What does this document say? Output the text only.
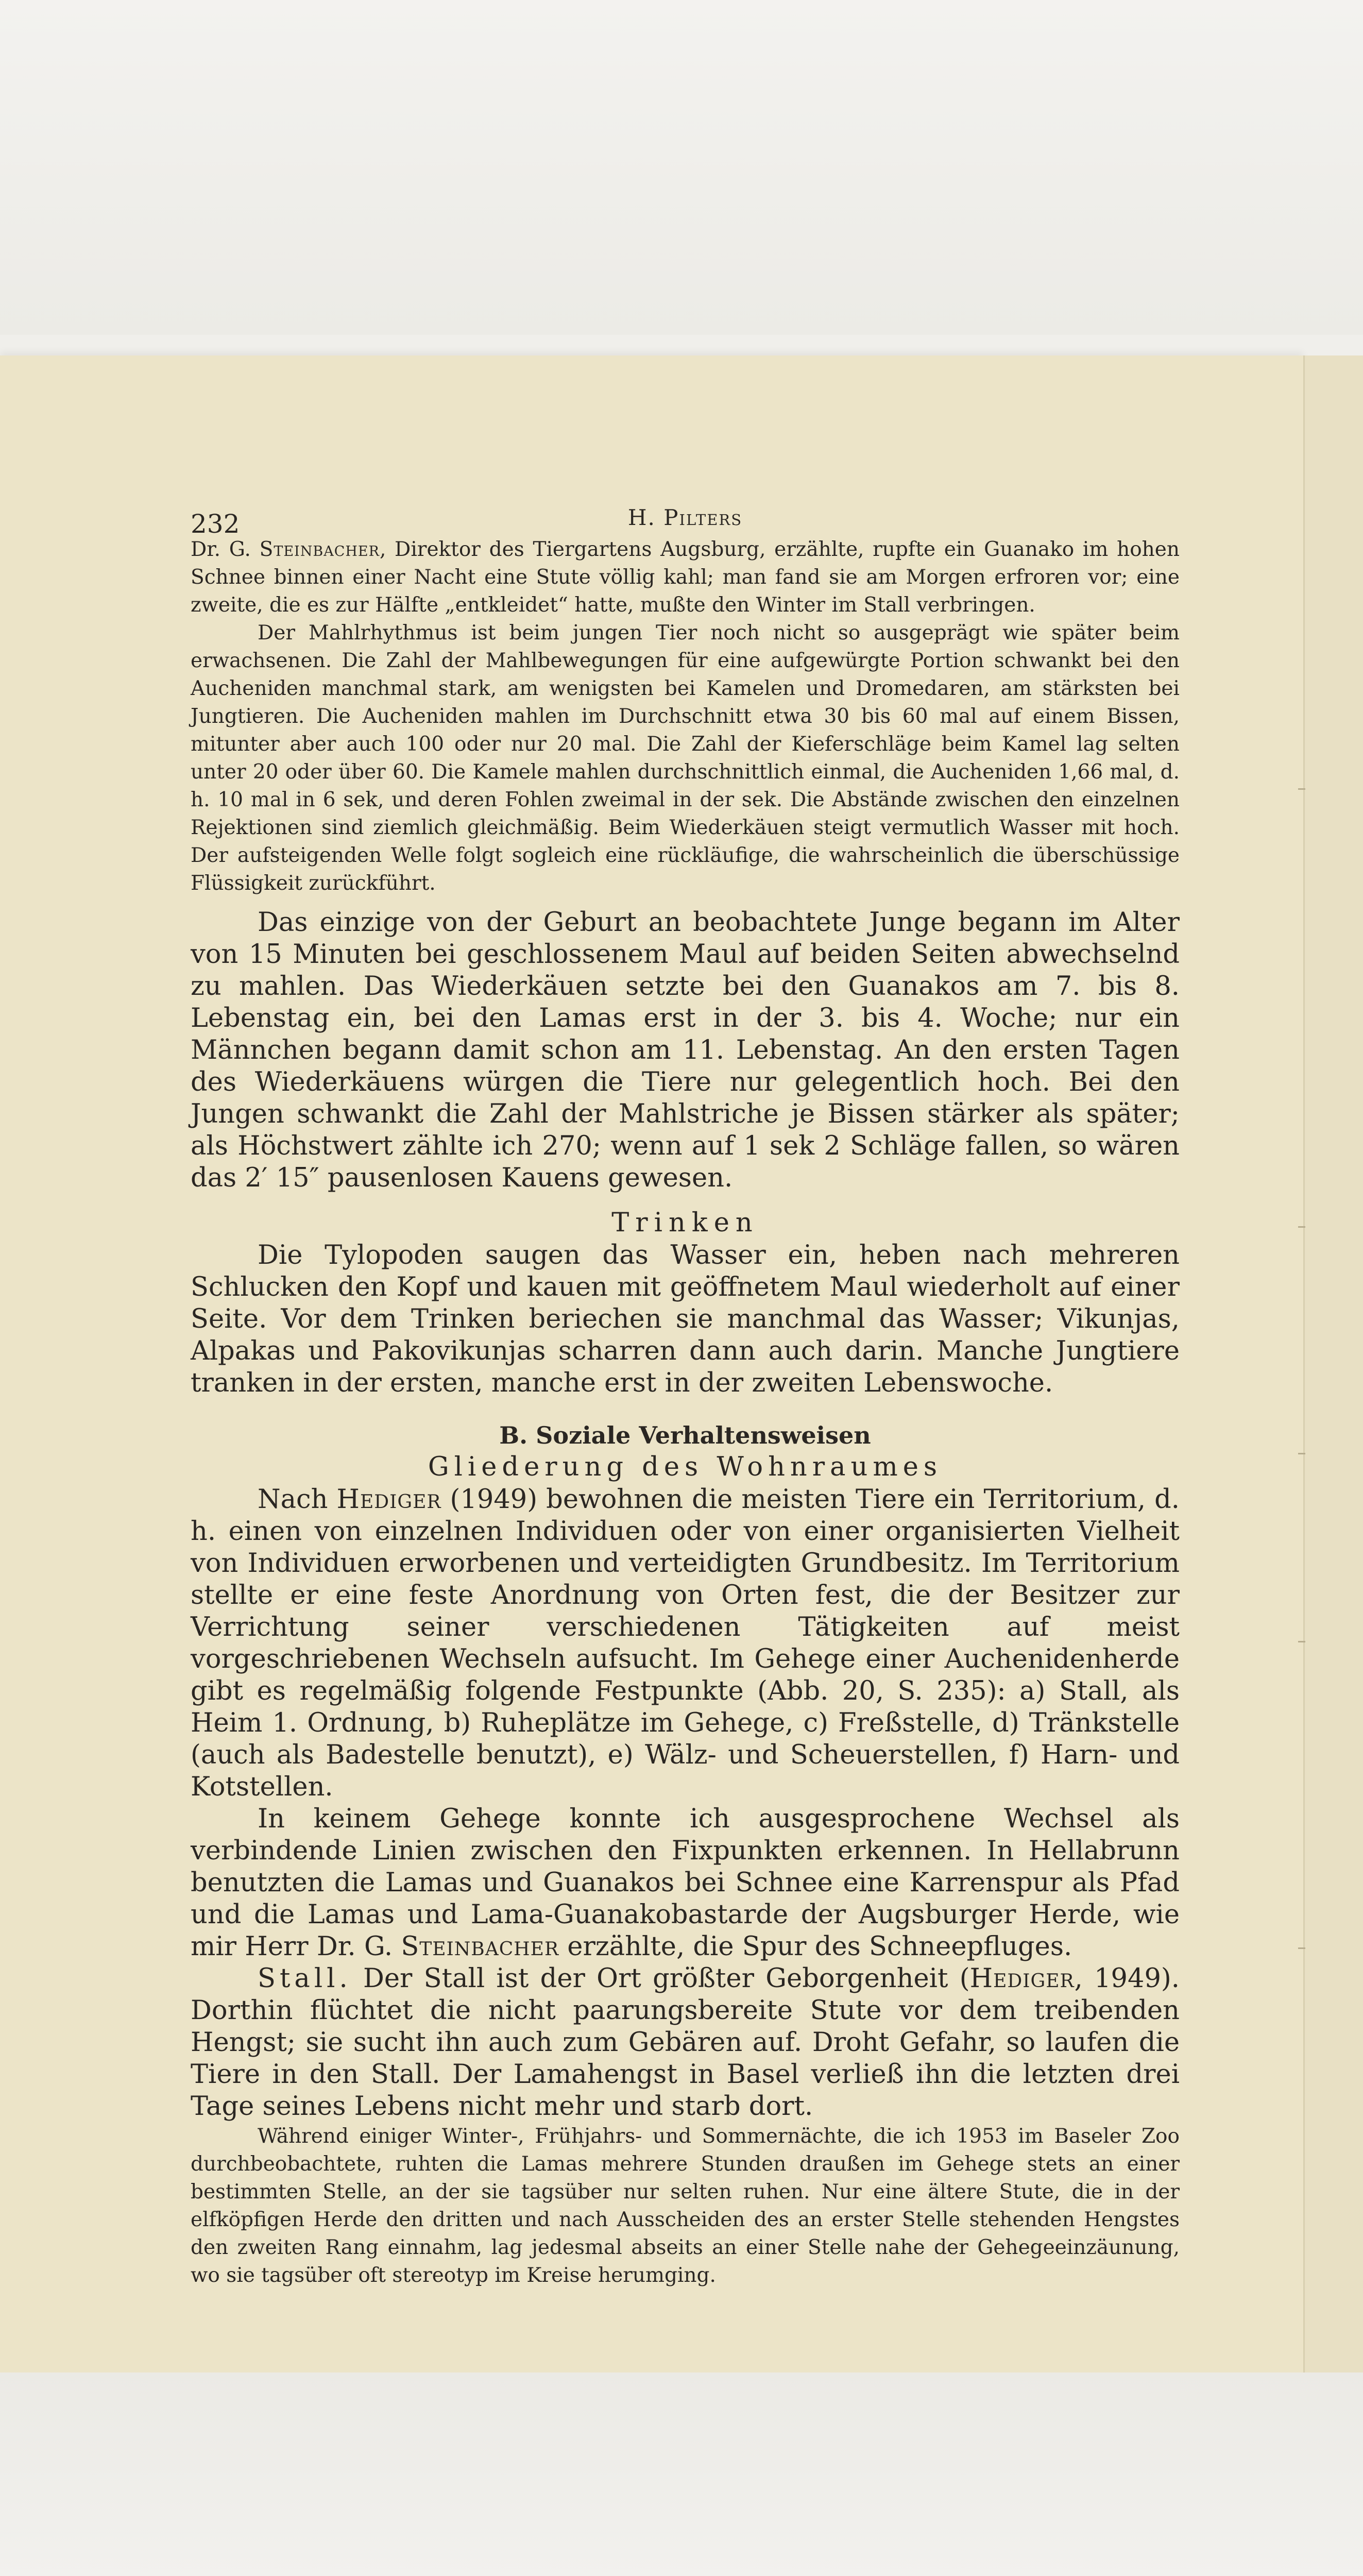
232	H. Pilters

Dr. G. Steinbacher, Direktor des Tiergartens Augsburg, erzählte, rupfte ein Guanako im hohen Schnee binnen einer Nacht eine Stute völlig kahl; man fand sie am Morgen erfroren vor; eine zweite, die es zur Hälfte „entkleidet“ hatte, mußte den Winter im Stall verbringen.

Der Mahlrhythmus ist beim jungen Tier noch nicht so ausgeprägt wie später beim erwachsenen. Die Zahl der Mahlbewegungen für eine aufgewürgte Portion schwankt bei den Aucheniden manchmal stark, am wenigsten bei Kamelen und Dromedaren, am stärksten bei Jungtieren. Die Aucheniden mahlen im Durchschnitt etwa 30 bis 60 mal auf einem Bissen, mitunter aber auch 100 oder nur 20 mal. Die Zahl der Kieferschläge beim Kamel lag selten unter 20 oder über 60. Die Kamele mahlen durchschnittlich einmal, die Aucheniden 1,66 mal, d. h. 10 mal in 6 sek, und deren Fohlen zweimal in der sek. Die Abstände zwischen den einzelnen Rejektionen sind ziemlich gleichmäßig. Beim Wiederkäuen steigt vermutlich Wasser mit hoch. Der aufsteigenden Welle folgt sogleich eine rückläufige, die wahrscheinlich die überschüssige Flüssigkeit zurückführt.

Das einzige von der Geburt an beobachtete Junge begann im Alter von 15 Minuten bei geschlossenem Maul auf beiden Seiten abwechselnd zu mahlen. Das Wiederkäuen setzte bei den Guanakos am 7. bis 8. Lebenstag ein, bei den Lamas erst in der 3. bis 4. Woche; nur ein Männchen begann damit schon am 11. Lebenstag. An den ersten Tagen des Wiederkäuens würgen die Tiere nur gelegentlich hoch. Bei den Jungen schwankt die Zahl der Mahlstriche je Bissen stärker als später; als Höchstwert zählte ich 270; wenn auf 1 sek 2 Schläge fallen, so wären das 2′ 15″ pausenlosen Kauens gewesen.

Trinken

Die Tylopoden saugen das Wasser ein, heben nach mehreren Schlucken den Kopf und kauen mit geöffnetem Maul wiederholt auf einer Seite. Vor dem Trinken beriechen sie manchmal das Wasser; Vikunjas, Alpakas und Pakovikunjas scharren dann auch darin. Manche Jungtiere tranken in der ersten, manche erst in der zweiten Lebenswoche.

B. Soziale Verhaltensweisen
Gliederung des Wohnraumes

Nach Hediger (1949) bewohnen die meisten Tiere ein Territorium, d. h. einen von einzelnen Individuen oder von einer organisierten Vielheit von Individuen erworbenen und verteidigten Grundbesitz. Im Territorium stellte er eine feste Anordnung von Orten fest, die der Besitzer zur Verrichtung seiner verschiedenen Tätigkeiten auf meist vorgeschriebenen Wechseln aufsucht. Im Gehege einer Auchenidenherde gibt es regelmäßig folgende Festpunkte (Abb. 20, S. 235): a) Stall, als Heim 1. Ordnung, b) Ruheplätze im Gehege, c) Freßstelle, d) Tränkstelle (auch als Badestelle benutzt), e) Wälz- und Scheuerstellen, f) Harn- und Kotstellen.

In keinem Gehege konnte ich ausgesprochene Wechsel als verbindende Linien zwischen den Fixpunkten erkennen. In Hellabrunn benutzten die Lamas und Guanakos bei Schnee eine Karrenspur als Pfad und die Lamas und Lama-Guanakobastarde der Augsburger Herde, wie mir Herr Dr. G. Steinbacher erzählte, die Spur des Schneepfluges.

Stall. Der Stall ist der Ort größter Geborgenheit (Hediger, 1949). Dorthin flüchtet die nicht paarungsbereite Stute vor dem treibenden Hengst; sie sucht ihn auch zum Gebären auf. Droht Gefahr, so laufen die Tiere in den Stall. Der Lamahengst in Basel verließ ihn die letzten drei Tage seines Lebens nicht mehr und starb dort.

Während einiger Winter-, Frühjahrs- und Sommernächte, die ich 1953 im Baseler Zoo durchbeobachtete, ruhten die Lamas mehrere Stunden draußen im Gehege stets an einer bestimmten Stelle, an der sie tagsüber nur selten ruhen. Nur eine ältere Stute, die in der elfköpfigen Herde den dritten und nach Ausscheiden des an erster Stelle stehenden Hengstes den zweiten Rang einnahm, lag jedesmal abseits an einer Stelle nahe der Gehegeeinzäunung, wo sie tagsüber oft stereotyp im Kreise herumging.
